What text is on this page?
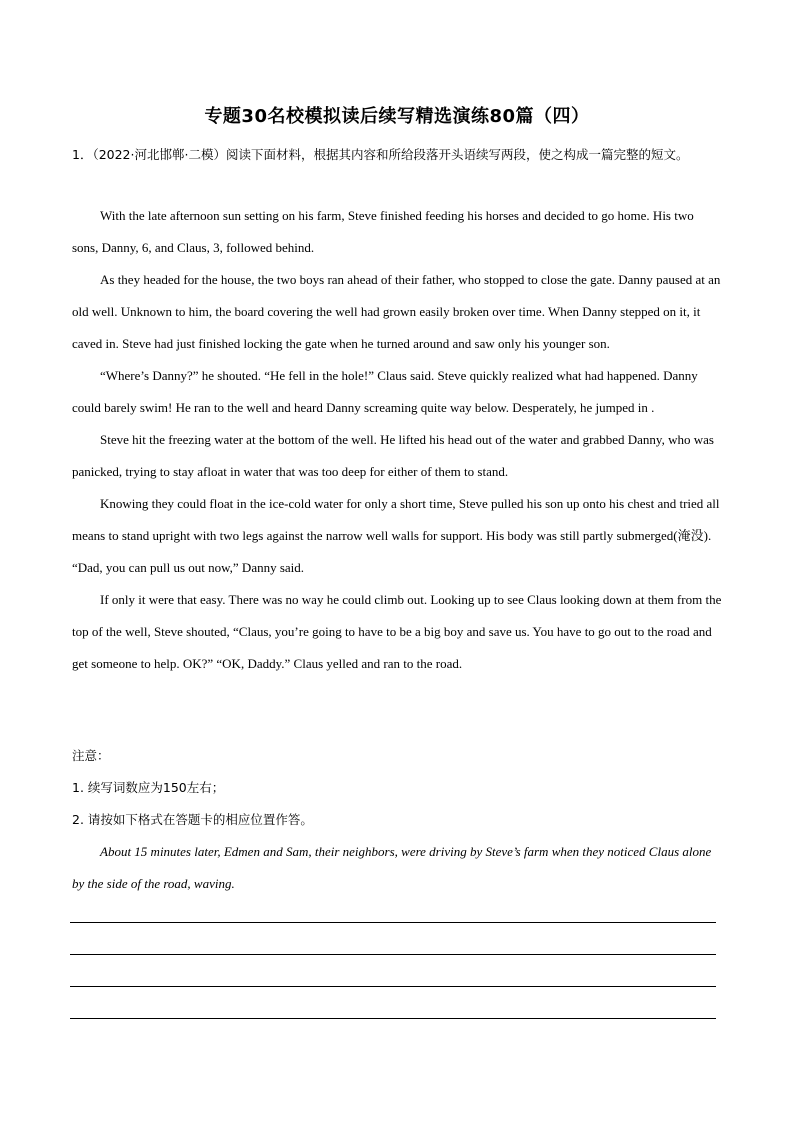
专题30名校模拟读后续写精选演练80篇（四）

1．（2022·河北邯郸·二模）阅读下面材料，根据其内容和所给段落开头语续写两段，使之构成一篇完整的短文。

With the late afternoon sun setting on his farm, Steve finished feeding his horses and decided to go home. His two sons, Danny, 6, and Claus, 3, followed behind.

As they headed for the house, the two boys ran ahead of their father, who stopped to close the gate. Danny paused at an old well. Unknown to him, the board covering the well had grown easily broken over time. When Danny stepped on it, it caved in. Steve had just finished locking the gate when he turned around and saw only his younger son.

“Where’s Danny?” he shouted. “He fell in the hole!” Claus said. Steve quickly realized what had happened. Danny could barely swim! He ran to the well and heard Danny screaming quite way below. Desperately, he jumped in .

Steve hit the freezing water at the bottom of the well. He lifted his head out of the water and grabbed Danny, who was panicked, trying to stay afloat in water that was too deep for either of them to stand.

Knowing they could float in the ice-cold water for only a short time, Steve pulled his son up onto his chest and tried all means to stand upright with two legs against the narrow well walls for support. His body was still partly submerged(淹没). “Dad, you can pull us out now,” Danny said.

If only it were that easy. There was no way he could climb out. Looking up to see Claus looking down at them from the top of the well, Steve shouted, “Claus, you’re going to have to be a big boy and save us. You have to go out to the road and get someone to help. OK?” “OK, Daddy.” Claus yelled and ran to the road.

注意：

1. 续写词数应为150左右；

2. 请按如下格式在答题卡的相应位置作答。

About 15 minutes later, Edmen and Sam, their neighbors, were driving by Steve’s farm when they noticed Claus alone by the side of the road, waving.
